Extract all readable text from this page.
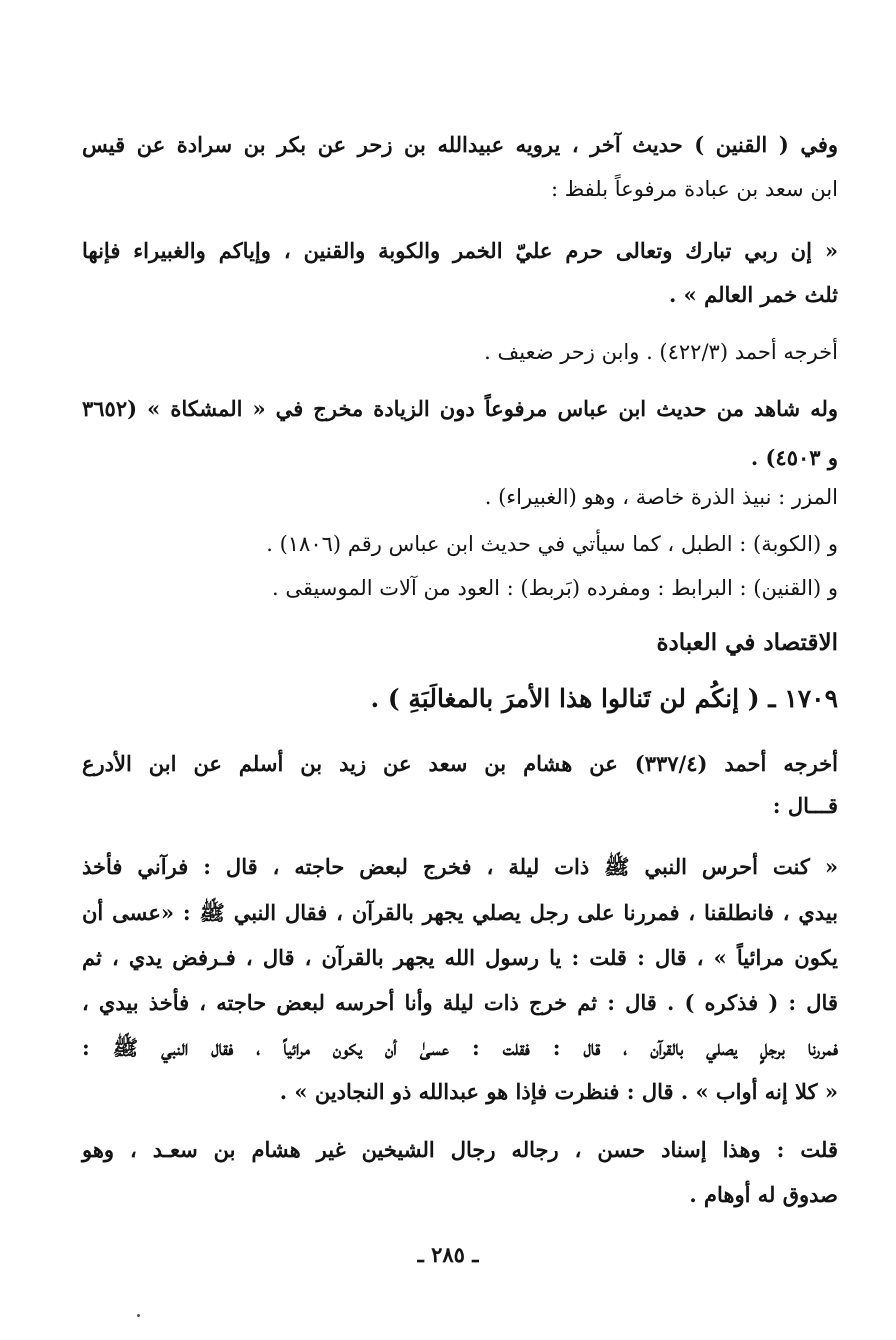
وفي ( القنين ) حديث آخر ، يرويه عبيدالله بن زحر عن بكر بن سرادة عن قيس
ابن سعد بن عبادة مرفوعاً بلفظ :
« إن ربي تبارك وتعالى حرم عليّ الخمر والكوبة والقنين ، وإياكم والغبيراء فإنها
ثلث خمر العالم » .
أخرجه أحمد (٤٢٢/٣) . وابن زحر ضعيف .
وله شاهد من حديث ابن عباس مرفوعاً دون الزيادة مخرج في « المشكاة » (٣٦٥٢
و ٤٥٠٣) .
المزر : نبيذ الذرة خاصة ، وهو (الغبيراء) .
و (الكوبة) : الطبل ، كما سيأتي في حديث ابن عباس رقم (١٨٠٦) .
و (القنين) : البرابط : ومفرده (بَربط) : العود من آلات الموسيقى .
الاقتصاد في العبادة
١٧٠٩ ـ ( إنكُم لن تَنالوا هذا الأمرَ بالمغالَبَةِ ) .
أخرجه أحمد (٣٣٧/٤) عن هشام بن سعد عن زيد بن أسلم عن ابن الأدرع
قـــال :
« كنت أحرس النبي ﷺ ذات ليلة ، فخرج لبعض حاجته ، قال : فرآني فأخذ
بيدي ، فانطلقنا ، فمررنا على رجل يصلي يجهر بالقرآن ، فقال النبي ﷺ : «عسى أن
يكون مرائياً » ، قال : قلت : يا رسول الله يجهر بالقرآن ، قال ، فـرفض يدي ، ثم
قال : ( فذكره ) . قال : ثم خرج ذات ليلة وأنا أحرسه لبعض حاجته ، فأخذ بيدي ،
فمررنا برجلٍ يصلي بالقرآن ، قال : فقلت : عسىٰ أن يكون مرائياً ، فقال النبي ﷺ :
« كلا إنه أواب » . قال : فنظرت فإذا هو عبدالله ذو النجادين » .
قلت : وهذا إسناد حسن ، رجاله رجال الشيخين غير هشام بن سعـد ، وهو
صدوق له أوهام .
ـ ٢٨٥ ـ
